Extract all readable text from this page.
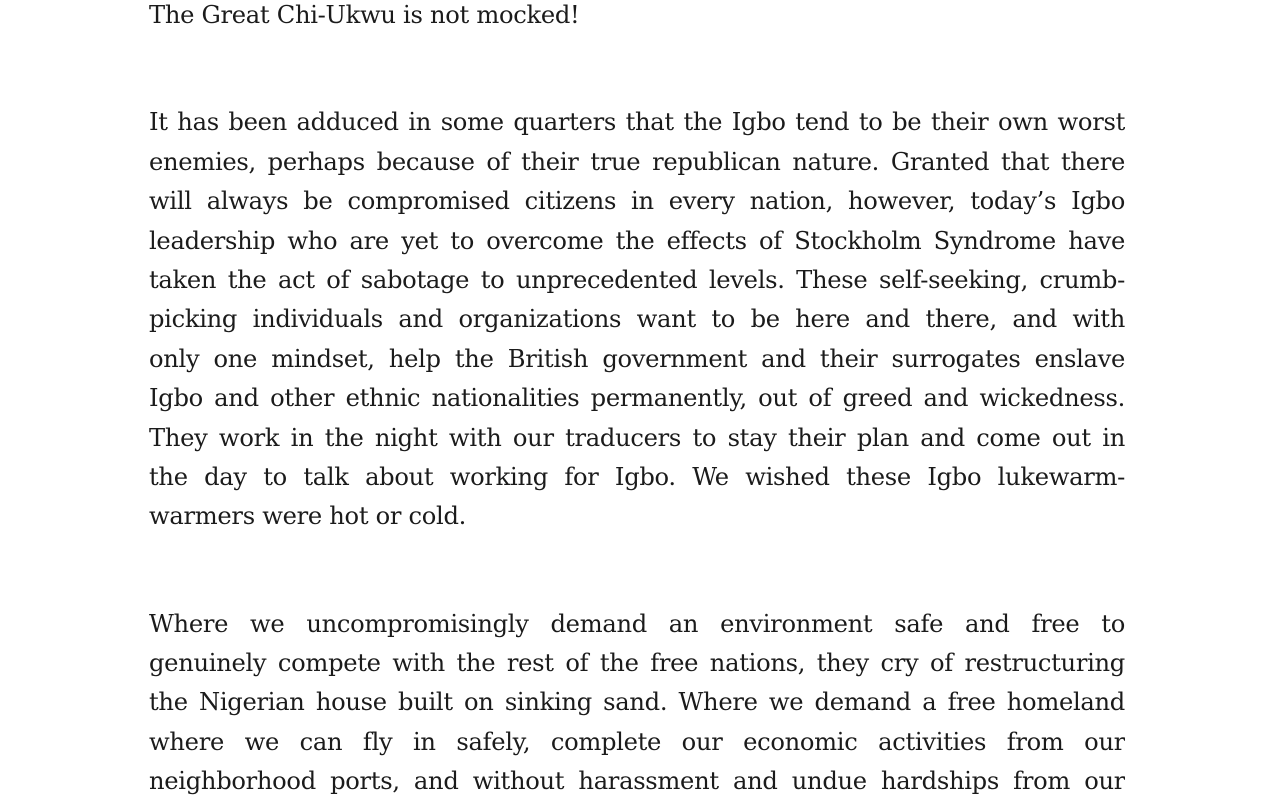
The Great Chi-Ukwu is not mocked!
It has been adduced in some quarters that the Igbo tend to be their own worst
enemies, perhaps because of their true republican nature. Granted that there
will always be compromised citizens in every nation, however, today’s Igbo
leadership who are yet to overcome the effects of Stockholm Syndrome have
taken the act of sabotage to unprecedented levels. These self-seeking, crumb-
picking individuals and organizations want to be here and there, and with
only one mindset, help the British government and their surrogates enslave
Igbo and other ethnic nationalities permanently, out of greed and wickedness.
They work in the night with our traducers to stay their plan and come out in
the day to talk about working for Igbo. We wished these Igbo lukewarm-
warmers were hot or cold.
Where we uncompromisingly demand an environment safe and free to
genuinely compete with the rest of the free nations, they cry of restructuring
the Nigerian house built on sinking sand. Where we demand a free homeland
where we can fly in safely, complete our economic activities from our
neighborhood ports, and without harassment and undue hardships from our
